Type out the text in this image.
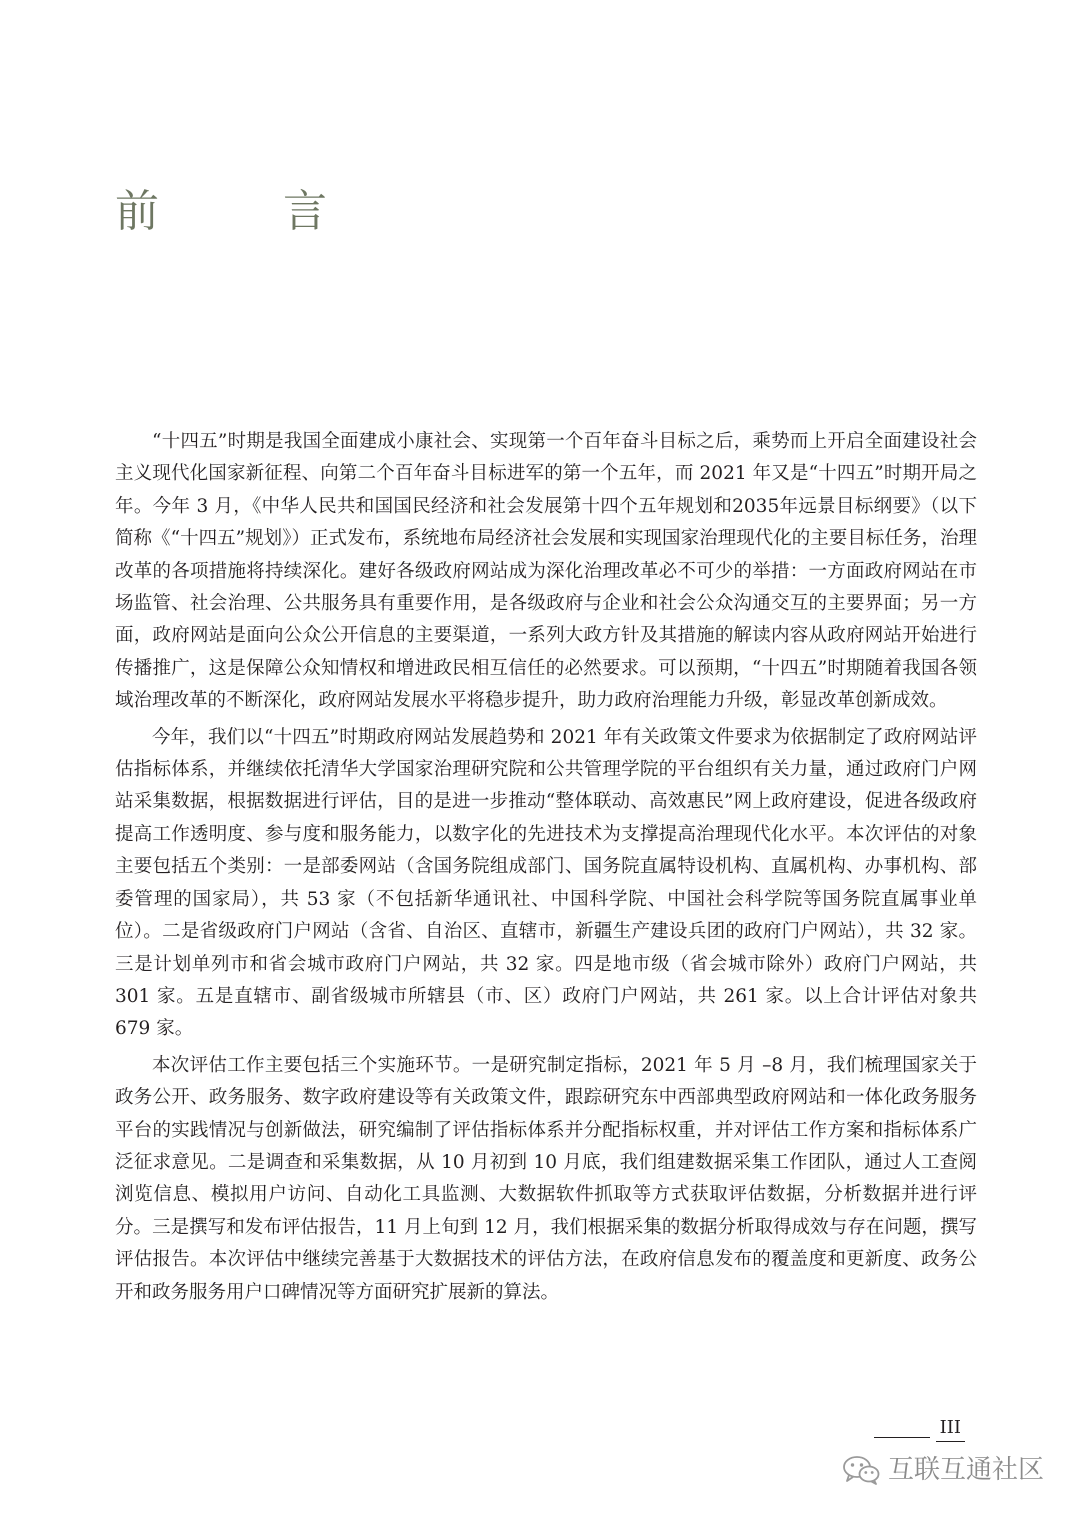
前　言

“十四五”时期是我国全面建成小康社会、实现第一个百年奋斗目标之后，乘势而上开启全面建设社会主义现代化国家新征程、向第二个百年奋斗目标进军的第一个五年，而 2021 年又是“十四五”时期开局之年。今年 3 月，《中华人民共和国国民经济和社会发展第十四个五年规划和2035年远景目标纲要》（以下简称《“十四五”规划》）正式发布，系统地布局经济社会发展和实现国家治理现代化的主要目标任务，治理改革的各项措施将持续深化。建好各级政府网站成为深化治理改革必不可少的举措：一方面政府网站在市场监管、社会治理、公共服务具有重要作用，是各级政府与企业和社会公众沟通交互的主要界面；另一方面，政府网站是面向公众公开信息的主要渠道，一系列大政方针及其措施的解读内容从政府网站开始进行传播推广，这是保障公众知情权和增进政民相互信任的必然要求。可以预期，“十四五”时期随着我国各领域治理改革的不断深化，政府网站发展水平将稳步提升，助力政府治理能力升级，彰显改革创新成效。

今年，我们以“十四五”时期政府网站发展趋势和 2021 年有关政策文件要求为依据制定了政府网站评估指标体系，并继续依托清华大学国家治理研究院和公共管理学院的平台组织有关力量，通过政府门户网站采集数据，根据数据进行评估，目的是进一步推动“整体联动、高效惠民”网上政府建设，促进各级政府提高工作透明度、参与度和服务能力，以数字化的先进技术为支撑提高治理现代化水平。本次评估的对象主要包括五个类别：一是部委网站（含国务院组成部门、国务院直属特设机构、直属机构、办事机构、部委管理的国家局），共 53 家（不包括新华通讯社、中国科学院、中国社会科学院等国务院直属事业单位）。二是省级政府门户网站（含省、自治区、直辖市，新疆生产建设兵团的政府门户网站），共 32 家。三是计划单列市和省会城市政府门户网站，共 32 家。四是地市级（省会城市除外）政府门户网站，共 301 家。五是直辖市、副省级城市所辖县（市、区）政府门户网站，共 261 家。以上合计评估对象共 679 家。

本次评估工作主要包括三个实施环节。一是研究制定指标，2021 年 5 月 –8 月，我们梳理国家关于政务公开、政务服务、数字政府建设等有关政策文件，跟踪研究东中西部典型政府网站和一体化政务服务平台的实践情况与创新做法，研究编制了评估指标体系并分配指标权重，并对评估工作方案和指标体系广泛征求意见。二是调查和采集数据，从 10 月初到 10 月底，我们组建数据采集工作团队，通过人工查阅浏览信息、模拟用户访问、自动化工具监测、大数据软件抓取等方式获取评估数据，分析数据并进行评分。三是撰写和发布评估报告，11 月上旬到 12 月，我们根据采集的数据分析取得成效与存在问题，撰写评估报告。本次评估中继续完善基于大数据技术的评估方法，在政府信息发布的覆盖度和更新度、政务公开和政务服务用户口碑情况等方面研究扩展新的算法。

III
互联互通社区
